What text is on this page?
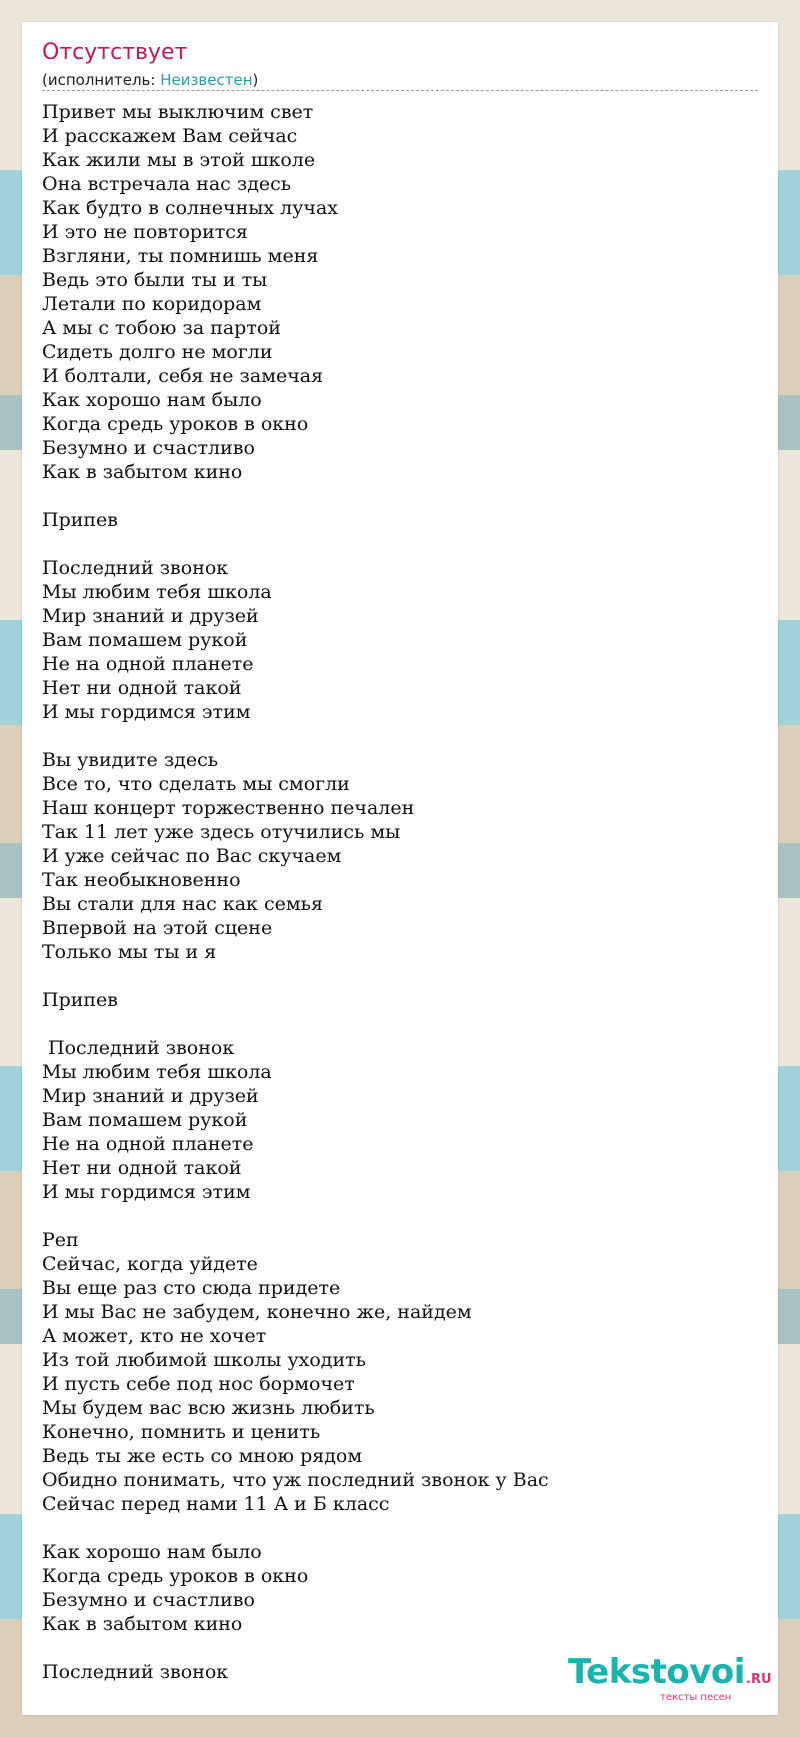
Отсутствует
(исполнитель: Неизвестен)
Привет мы выключим свет
И расскажем Вам сейчас
Как жили мы в этой школе
Она встречала нас здесь
Как будто в солнечных лучах
И это не повторится
Взгляни, ты помнишь меня
Ведь это были ты и ты
Летали по коридорам
А мы с тобою за партой
Сидеть долго не могли
И болтали, себя не замечая
Как хорошо нам было
Когда средь уроков в окно
Безумно и счастливо
Как в забытом кино

Припев

Последний звонок
Мы любим тебя школа
Мир знаний и друзей
Вам помашем рукой
Не на одной планете
Нет ни одной такой
И мы гордимся этим

Вы увидите здесь
Все то, что сделать мы смогли
Наш концерт торжественно печален
Так 11 лет уже здесь отучились мы
И уже сейчас по Вас скучаем
Так необыкновенно
Вы стали для нас как семья
Впервой на этой сцене
Только мы ты и я

Припев

Последний звонок
Мы любим тебя школа
Мир знаний и друзей
Вам помашем рукой
Не на одной планете
Нет ни одной такой
И мы гордимся этим

Реп
Сейчас, когда уйдете
Вы еще раз сто сюда придете
И мы Вас не забудем, конечно же, найдем
А может, кто не хочет
Из той любимой школы уходить
И пусть себе под нос бормочет
Мы будем вас всю жизнь любить
Конечно, помнить и ценить
Ведь ты же есть со мною рядом
Обидно понимать, что уж последний звонок у Вас
Сейчас перед нами 11 А и Б класс

Как хорошо нам было
Когда средь уроков в окно
Безумно и счастливо
Как в забытом кино

Последний звонок	Tekstovoi .RU
тексты песен
